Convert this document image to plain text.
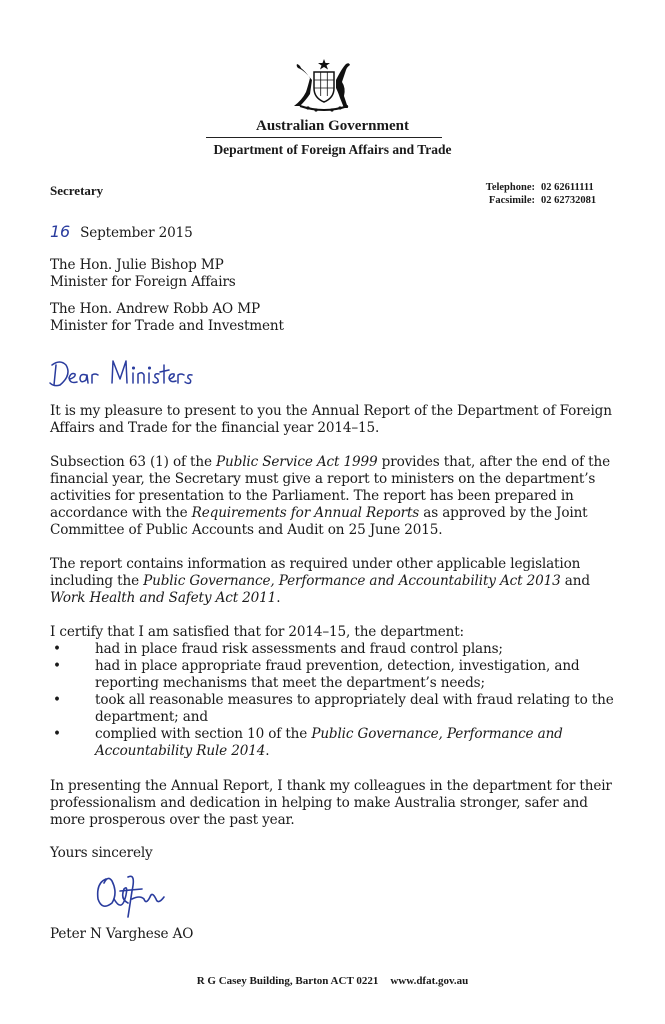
Australian Government
Department of Foreign Affairs and Trade
Secretary	Telephone: 02 62611111
Facsimile: 02 62732081
16 September 2015

The Hon. Julie Bishop MP

Minister for Foreign Affairs

The Hon. Andrew Robb AO MP

Minister for Trade and Investment

It is my pleasure to present to you the Annual Report of the Department of Foreign Affairs and Trade for the financial year 2014–15.

Subsection 63 (1) of the Public Service Act 1999 provides that, after the end of the financial year, the Secretary must give a report to ministers on the department’s activities for presentation to the Parliament. The report has been prepared in accordance with the Requirements for Annual Reports as approved by the Joint Committee of Public Accounts and Audit on 25 June 2015.

The report contains information as required under other applicable legislation including the Public Governance, Performance and Accountability Act 2013 and Work Health and Safety Act 2011.

I certify that I am satisfied that for 2014–15, the department:

• had in place fraud risk assessments and fraud control plans;
• had in place appropriate fraud prevention, detection, investigation, and reporting mechanisms that meet the department’s needs;
• took all reasonable measures to appropriately deal with fraud relating to the department; and
• complied with section 10 of the Public Governance, Performance and Accountability Rule 2014.

In presenting the Annual Report, I thank my colleagues in the department for their professionalism and dedication in helping to make Australia stronger, safer and more prosperous over the past year.

Yours sincerely

Peter N Varghese AO

R G Casey Building, Barton ACT 0221 www.dfat.gov.au
